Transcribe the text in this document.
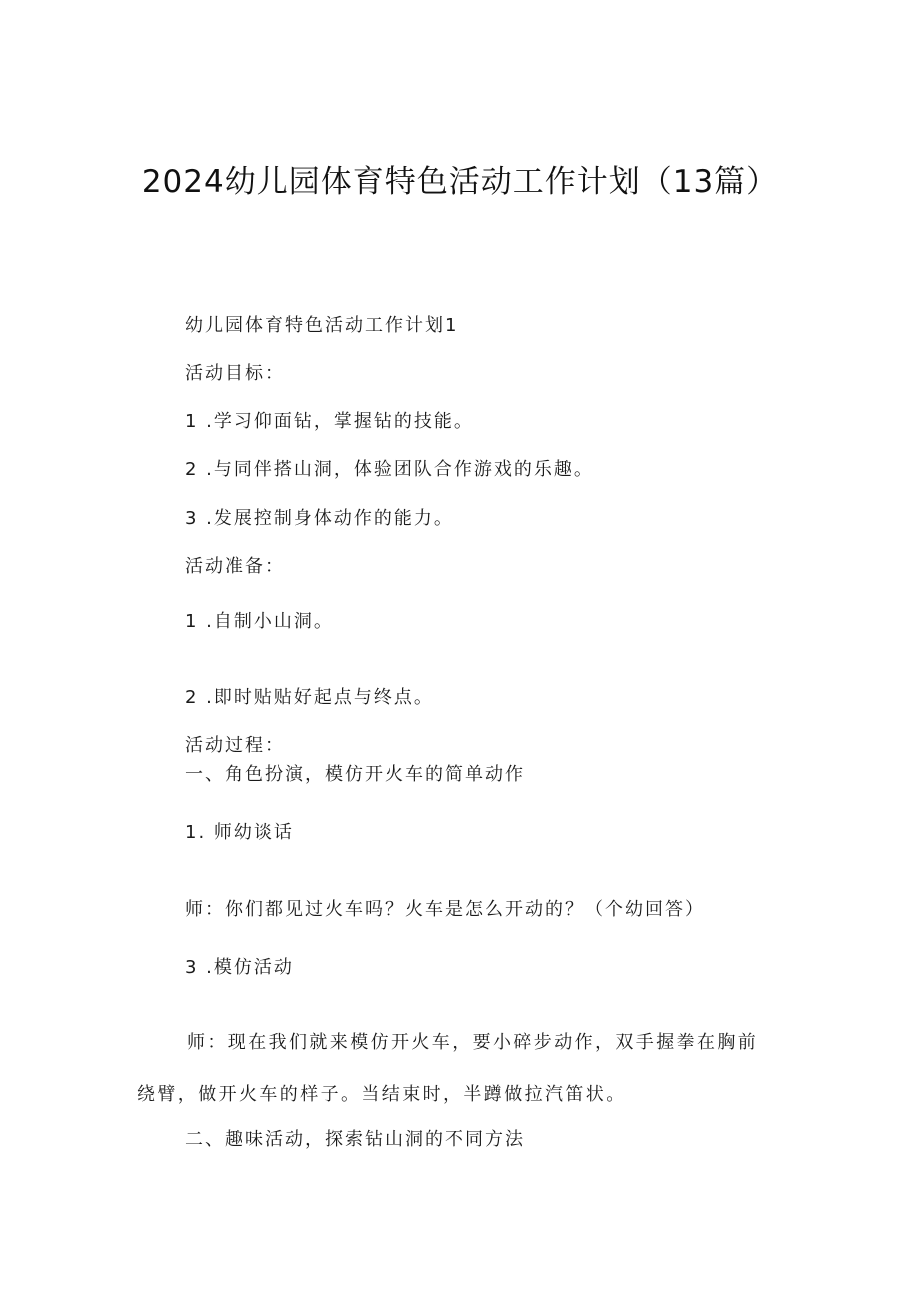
2024幼儿园体育特色活动工作计划（13篇）
幼儿园体育特色活动工作计划1
活动目标：
1 .学习仰面钻，掌握钻的技能。
2 .与同伴搭山洞，体验团队合作游戏的乐趣。
3 .发展控制身体动作的能力。
活动准备：
1 .自制小山洞。
2 .即时贴贴好起点与终点。
活动过程：
一、角色扮演，模仿开火车的简单动作
1. 师幼谈话
师：你们都见过火车吗？火车是怎么开动的？（个幼回答）
3 .模仿活动
师：现在我们就来模仿开火车，要小碎步动作，双手握拳在胸前绕臂，做开火车的样子。当结束时，半蹲做拉汽笛状。
二、趣味活动，探索钻山洞的不同方法
